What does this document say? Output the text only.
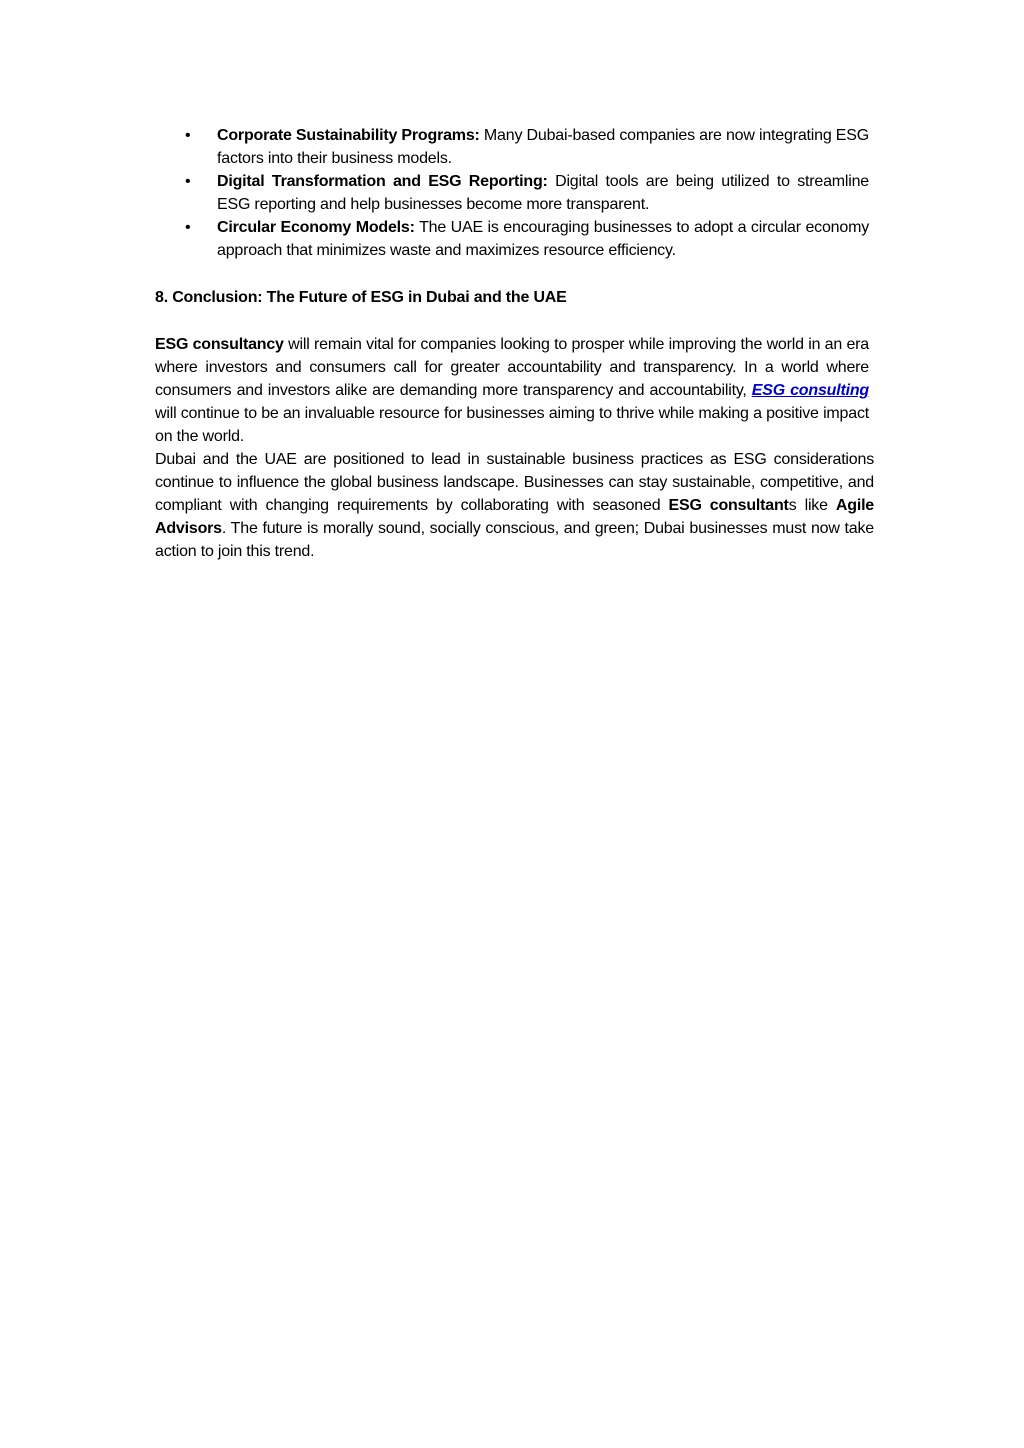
• Corporate Sustainability Programs: Many Dubai-based companies are now integrating ESG factors into their business models.
• Digital Transformation and ESG Reporting: Digital tools are being utilized to streamline ESG reporting and help businesses become more transparent.
• Circular Economy Models: The UAE is encouraging businesses to adopt a circular economy approach that minimizes waste and maximizes resource efficiency.

8. Conclusion: The Future of ESG in Dubai and the UAE

ESG consultancy will remain vital for companies looking to prosper while improving the world in an era where investors and consumers call for greater accountability and transparency. In a world where consumers and investors alike are demanding more transparency and accountability, ESG consulting will continue to be an invaluable resource for businesses aiming to thrive while making a positive impact on the world.

Dubai and the UAE are positioned to lead in sustainable business practices as ESG considerations continue to influence the global business landscape. Businesses can stay sustainable, competitive, and compliant with changing requirements by collaborating with seasoned ESG consultants like Agile Advisors. The future is morally sound, socially conscious, and green; Dubai businesses must now take action to join this trend.
